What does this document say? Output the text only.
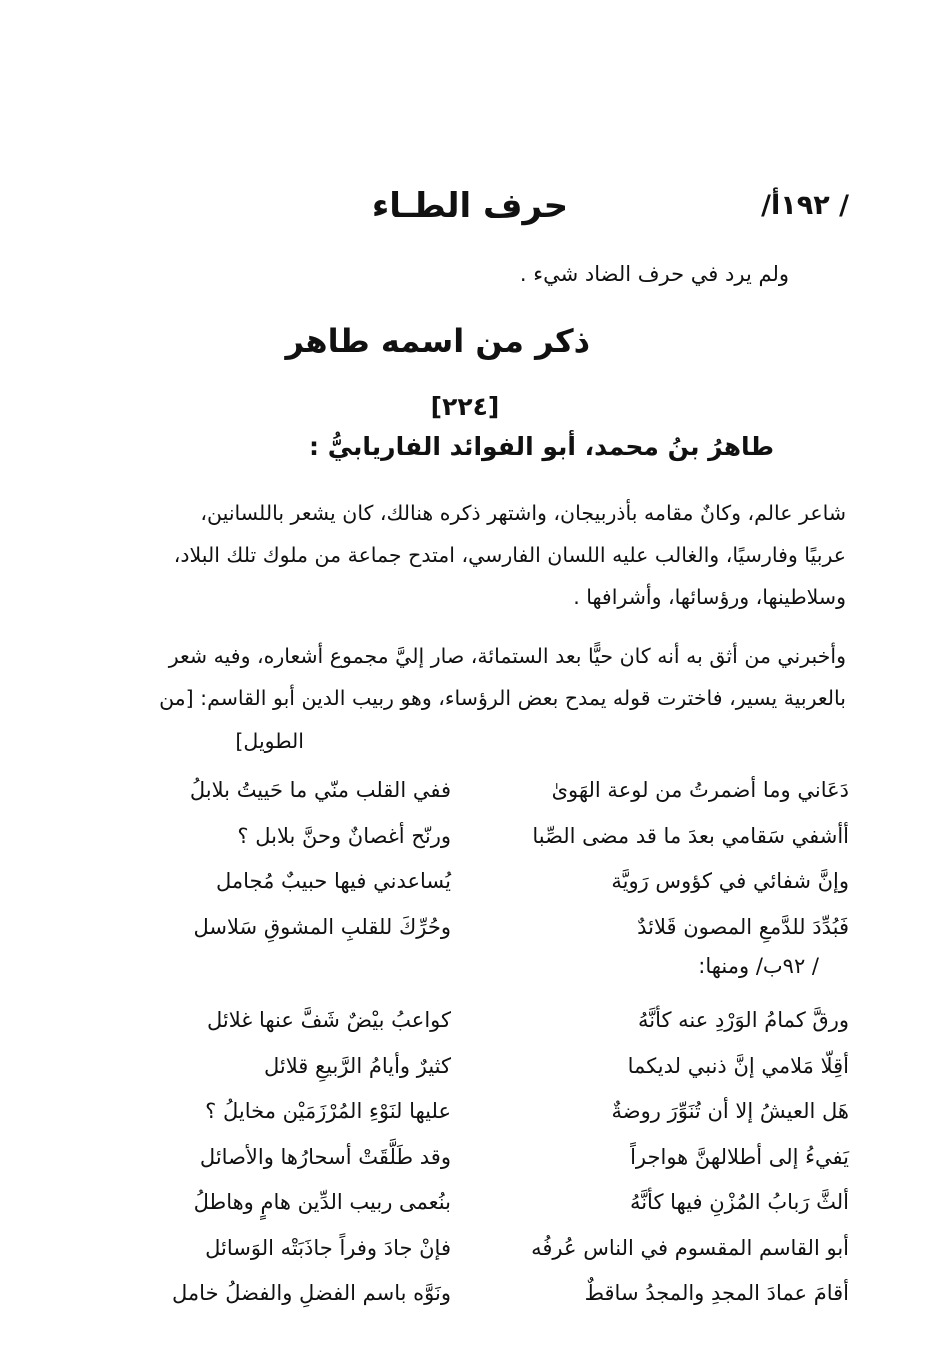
/ ١٩٢أ/
حرف الطـاء
ولم يرد في حرف الضاد شيء .
ذكر من اسمه طاهر
[٢٢٤]
طاهرُ بنُ محمد، أبو الفوائد الفاريابيُّ :
شاعر عالم، وكانٌ مقامه بأذربيجان، واشتهر ذكره هنالك، كان يشعر باللسانين،
عربيًا وفارسيًا، والغالب عليه اللسان الفارسي، امتدح جماعة من ملوك تلك البلاد،
وسلاطينها، ورؤسائها، وأشرافها .
وأخبرني من أثق به أنه كان حيًّا بعد الستمائة، صار إليَّ مجموع أشعاره، وفيه شعر
بالعربية يسير، فاخترت قوله يمدح بعض الرؤساء، وهو ربيب الدين أبو القاسم: [من
الطويل]
دَعَاني وما أضمرتُ من لوعة الهَوىٰ
ففي القلب منّي ما حَييتُ بلابلُ
أأشفي سَقامي بعدَ ما قد مضى الصِّبا
ورنّح أغصانٌ وحنَّ بلابل ؟
وإنَّ شفائي في كؤوس رَويَّة
يُساعدني فيها حبيبٌ مُجامل
فَبُدِّدَ للدَّمعِ المصون قَلائدٌ
وحُرِّكَ للقلبِ المشوقِ سَلاسل
/ ٩٢ب/ ومنها:
ورقَّ كمامُ الوَرْدِ عنه كأنَّهُ
كواعبُ بيْضٌ شَفَّ عنها غلائل
أقِلّا مَلامي إنَّ ذنبي لديكما
كثيرٌ وأيامُ الرَّبيعِ قلائل
هَل العيشُ إلا أن تُنَوِّرَ روضةٌ
عليها لنَوْءِ المُرْزَمَيْن مخايلُ ؟
يَفيءُ إلى أطلالهنَّ هواجراً
وقد طَلَّقَتْ أسحارُها والأصائل
ألثَّ رَبابُ المُزْنِ فيها كأنَّهُ
بنُعمى ربيب الدِّين هامٍ وهاطلُ
أبو القاسم المقسوم في الناس عُرفُه
فإنْ جادَ وفراً جاذَبَتْه الوَسائل
أقامَ عمادَ المجدِ والمجدُ ساقطٌ
ونَوَّه باسم الفضلِ والفضلُ خامل
